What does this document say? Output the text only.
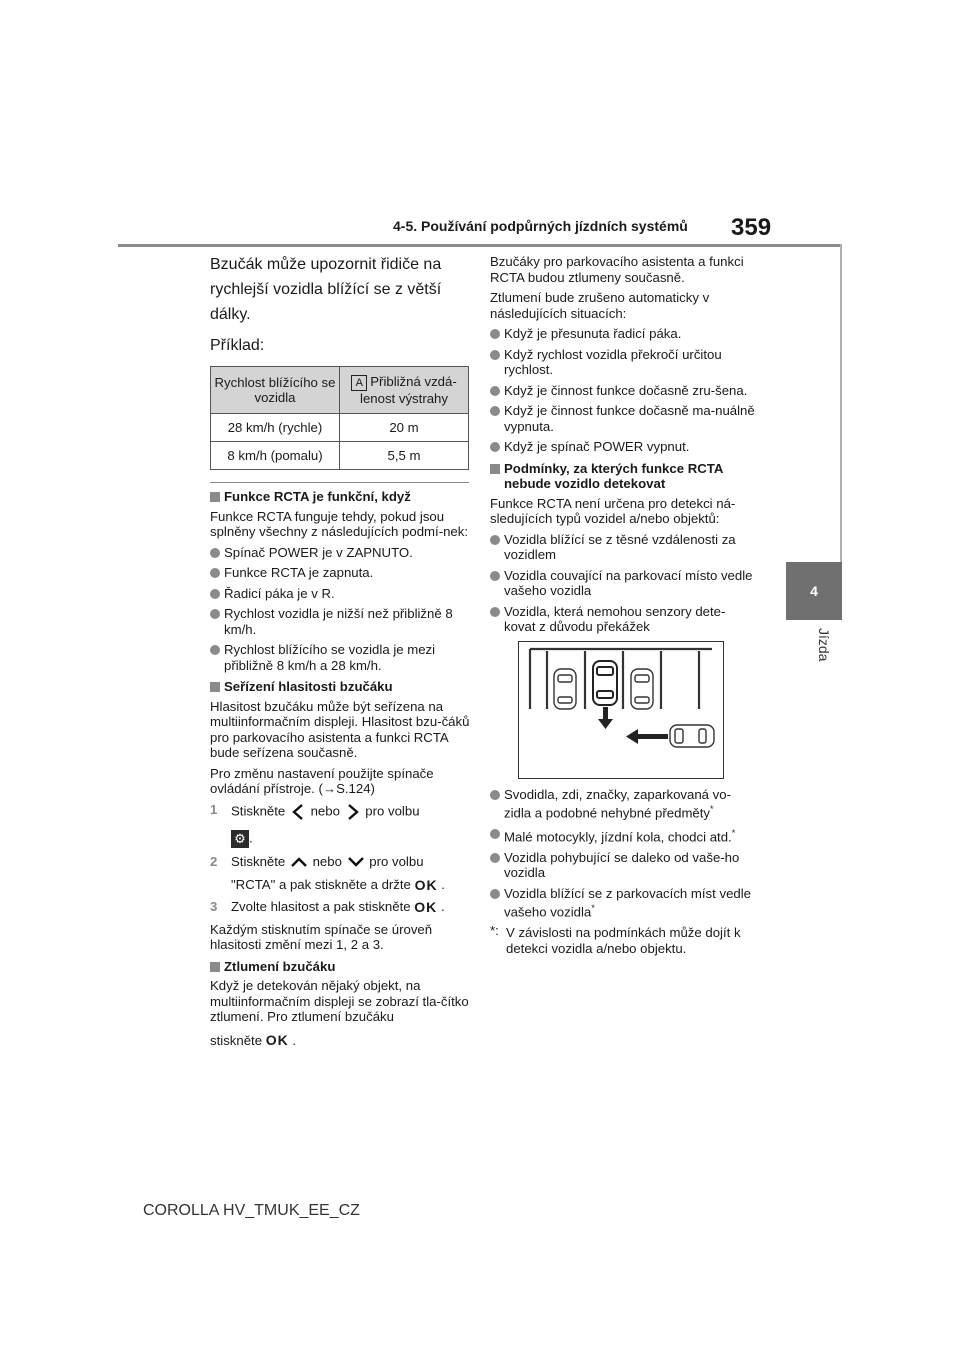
359
4-5. Používání podpůrných jízdních systémů
4
Jízda
COROLLA HV_TMUK_EE_CZ

Bzučák může upozornit řidiče na rychlejší vozidla blížící se z větší dálky.

Příklad:

Rychlost blížícího se vozidla	A Přibližná vzdá-lenost výstrahy
28 km/h (rychle)	20 m
8 km/h (pomalu)	5,5 m
Funkce RCTA je funkční, když

Funkce RCTA funguje tehdy, pokud jsou splněny všechny z následujících podmí-nek:

Spínač POWER je v ZAPNUTO.
Funkce RCTA je zapnuta.
Řadicí páka je v R.
Rychlost vozidla je nižší než přibližně 8 km/h.
Rychlost blížícího se vozidla je mezi přibližně 8 km/h a 28 km/h.
Seřízení hlasitosti bzučáku

Hlasitost bzučáku může být seřízena na multiinformačním displeji. Hlasitost bzu-čáků pro parkovacího asistenta a funkci RCTA bude seřízena současně.

Pro změnu nastavení použijte spínače ovládání přístroje. (→S.124)

1 Stiskněte nebo pro volbu
⚙ .
2 Stiskněte nebo pro volbu
"RCTA" a pak stiskněte a držte OK .
3 Zvolte hlasitost a pak stiskněte OK .

Každým stisknutím spínače se úroveň hlasitosti změní mezi 1, 2 a 3.

Ztlumení bzučáku

Když je detekován nějaký objekt, na multiinformačním displeji se zobrazí tla-čítko ztlumení. Pro ztlumení bzučáku

stiskněte OK .

Bzučáky pro parkovacího asistenta a funkci RCTA budou ztlumeny současně.

Ztlumení bude zrušeno automaticky v následujících situacích:

Když je přesunuta řadicí páka.
Když rychlost vozidla překročí určitou rychlost.
Když je činnost funkce dočasně zru-šena.
Když je činnost funkce dočasně ma-nuálně vypnuta.
Když je spínač POWER vypnut.
Podmínky, za kterých funkce RCTA nebude vozidlo detekovat

Funkce RCTA není určena pro detekci ná-sledujících typů vozidel a/nebo objektů:

Vozidla blížící se z těsné vzdálenosti za vozidlem
Vozidla couvající na parkovací místo vedle vašeho vozidla
Vozidla, která nemohou senzory dete-kovat z důvodu překážek
Svodidla, zdi, značky, zaparkovaná vo-zidla a podobné nehybné předměty*
Malé motocykly, jízdní kola, chodci atd.*
Vozidla pohybující se daleko od vaše-ho vozidla
Vozidla blížící se z parkovacích míst vedle vašeho vozidla*
*: V závislosti na podmínkách může dojít k detekci vozidla a/nebo objektu.
